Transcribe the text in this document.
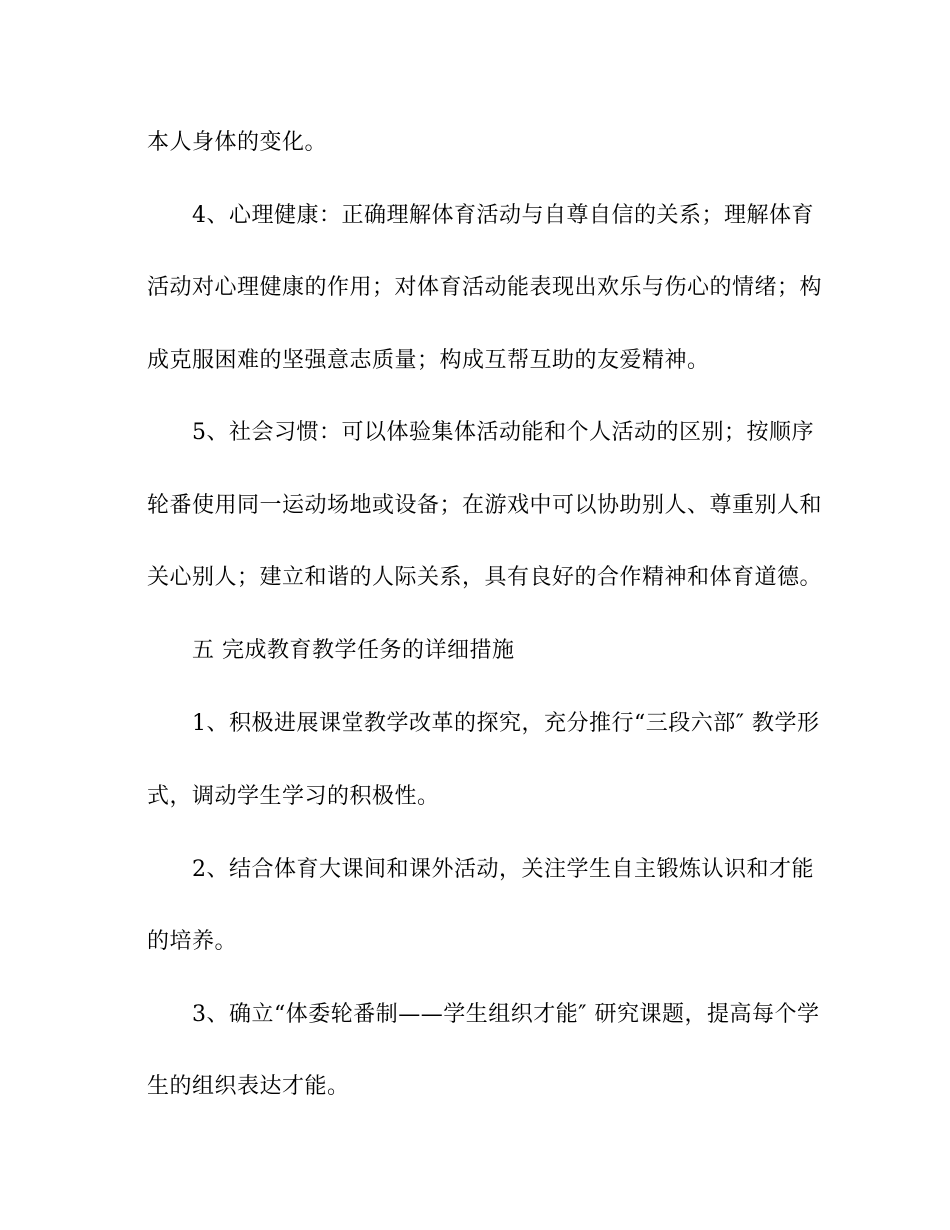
本人身体的变化。
4、心理健康：正确理解体育活动与自尊自信的关系；理解体育
活动对心理健康的作用；对体育活动能表现出欢乐与伤心的情绪；构
成克服困难的坚强意志质量；构成互帮互助的友爱精神。
5、社会习惯：可以体验集体活动能和个人活动的区别；按顺序
轮番使用同一运动场地或设备；在游戏中可以协助别人、尊重别人和
关心别人；建立和谐的人际关系，具有良好的合作精神和体育道德。
五 完成教育教学任务的详细措施
1、积极进展课堂教学改革的探究，充分推行“三段六部″ 教学形
式，调动学生学习的积极性。
2、结合体育大课间和课外活动，关注学生自主锻炼认识和才能
的培养。
3、确立“体委轮番制——学生组织才能″ 研究课题，提高每个学
生的组织表达才能。
